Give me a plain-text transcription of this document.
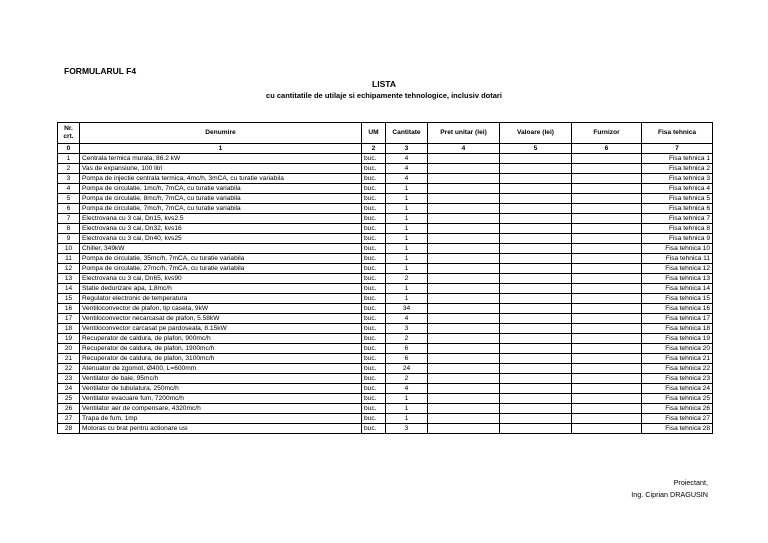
FORMULARUL F4
LISTA
cu cantitatile de utilaje si echipamente tehnologice, inclusiv dotari
Nr. crt.	Denumire	UM	Cantitate	Pret unitar (lei)	Valoare (lei)	Furnizor	Fisa tehnica
0	1	2	3	4	5	6	7
1	Centrala termica murala, 86.2 kW	buc.	4				Fisa tehnica 1
2	Vas de expansiune, 100 litri	buc.	4				Fisa tehnica 2
3	Pompa de injectie centrala termica, 4mc/h, 3mCA, cu turatie variabila	buc.	4				Fisa tehnica 3
4	Pompa de circulatie, 1mc/h, 7mCA, cu turatie variabila	buc.	1				Fisa tehnica 4
5	Pompa de circulatie, 8mc/h, 7mCA, cu turatie variabila	buc.	1				Fisa tehnica 5
6	Pompa de circulatie, 7mc/h, 7mCA, cu turatie variabila	buc.	1				Fisa tehnica 6
7	Electrovana cu 3 cai, Dn15, kvs2.5	buc.	1				Fisa tehnica 7
8	Electrovana cu 3 cai, Dn32, kvs16	buc.	1				Fisa tehnica 8
9	Electrovana cu 3 cai, Dn40, kvs25	buc.	1				Fisa tehnica 9
10	Chiller, 349kW	buc.	1				Fisa tehnica 10
11	Pompa de circulatie, 35mc/h, 7mCA, cu turatie variabila	buc.	1				Fisa tehnica 11
12	Pompa de circulatie, 27mc/h, 7mCA, cu turatie variabila	buc.	1				Fisa tehnica 12
13	Electrovana cu 3 cai, Dn65, kvs90	buc.	2				Fisa tehnica 13
14	Statie dedurizare apa, 1,8mc/h	buc.	1				Fisa tehnica 14
15	Regulator electronic de temperatura	buc.	1				Fisa tehnica 15
16	Ventiloconvector de plafon, tip caseta, 9kW	buc.	34				Fisa tehnica 16
17	Ventiloconvector necarcasat de plafon, 5.58kW	buc.	4				Fisa tehnica 17
18	Ventiloconvector carcasat pe pardoseala, 8.15kW	buc.	3				Fisa tehnica 18
19	Recuperator de caldura, de plafon, 900mc/h	buc.	2				Fisa tehnica 19
20	Recuperator de caldura, de plafon, 1900mc/h	buc.	6				Fisa tehnica 20
21	Recuperator de caldura, de plafon, 3100mc/h	buc.	6				Fisa tehnica 21
22	Atenuator de zgomot, Ø400, L=600mm	buc.	24				Fisa tehnica 22
23	Ventilator de baie, 95mc/h	buc.	2				Fisa tehnica 23
24	Ventilator de tubulatura, 250mc/h	buc.	4				Fisa tehnica 24
25	Ventilator evacuare fum, 7200mc/h	buc.	1				Fisa tehnica 25
26	Ventilator aer de compensare, 4320mc/h	buc.	1				Fisa tehnica 26
27	Trapa de fum, 1mp	buc.	1				Fisa tehnica 27
28	Motoras cu brat pentru actionare usi	buc.	3				Fisa tehnica 28
Proiectant,
Ing. Ciprian DRAGUSIN
